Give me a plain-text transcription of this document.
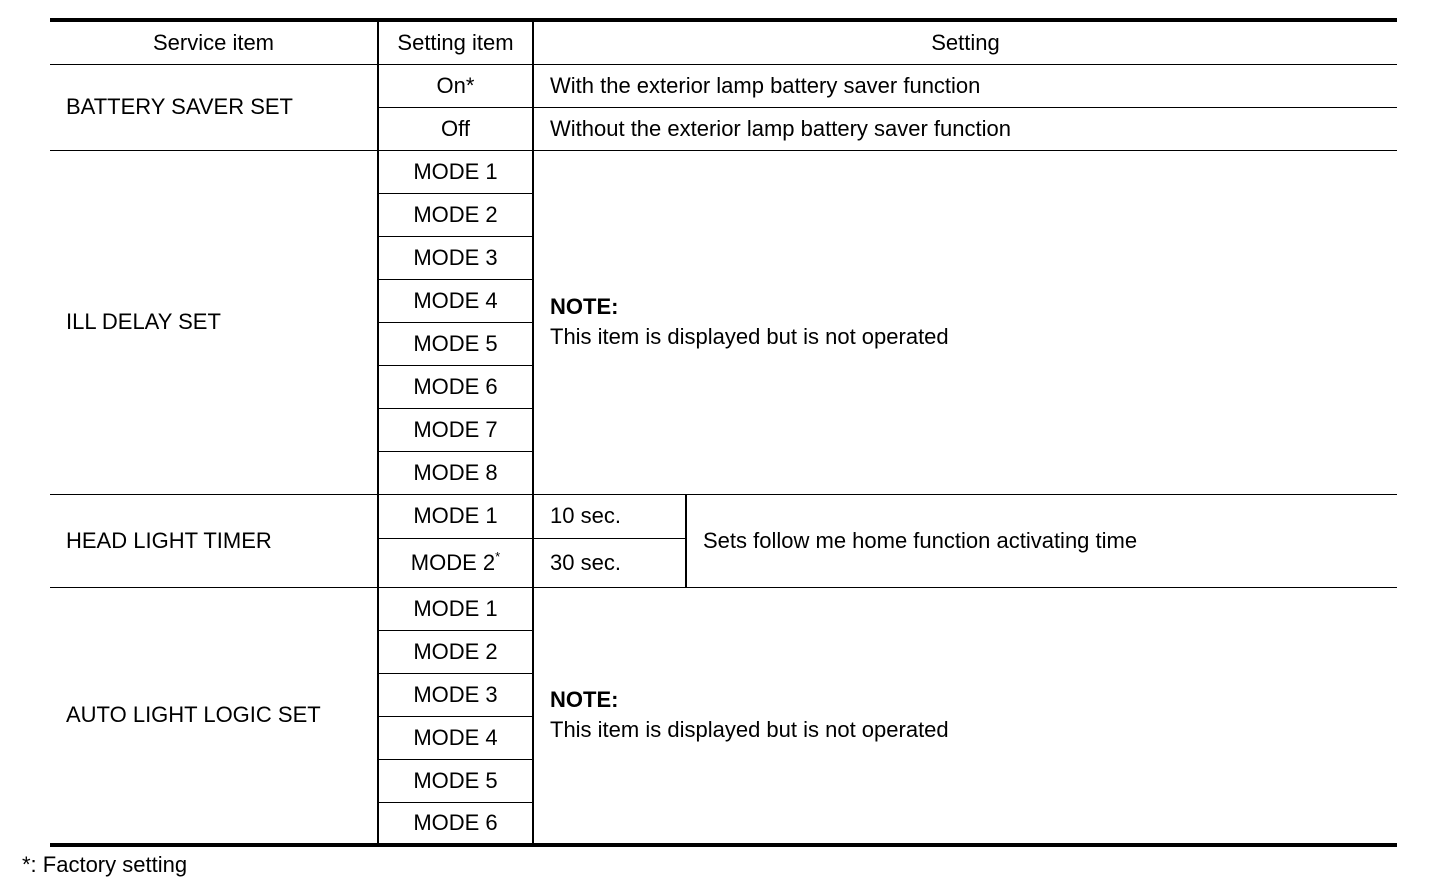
Service item	Setting item	Setting	
BATTERY SAVER SET	On*	With the exterior lamp battery saver function	
	Off	Without the exterior lamp battery saver function	
ILL DELAY SET	MODE 1	NOTE:
This item is displayed but is not operated	

	MODE 2		
	MODE 3		
	MODE 4		
	MODE 5		
	MODE 6		
	MODE 7		
	MODE 8		
HEAD LIGHT TIMER	MODE 1	10 sec.	Sets follow me home function activating time
	MODE 2*	30 sec.	
AUTO LIGHT LOGIC SET	MODE 1	NOTE:
This item is displayed but is not operated	

	MODE 2		
	MODE 3		
	MODE 4		
	MODE 5		
	MODE 6		
*: Factory setting
